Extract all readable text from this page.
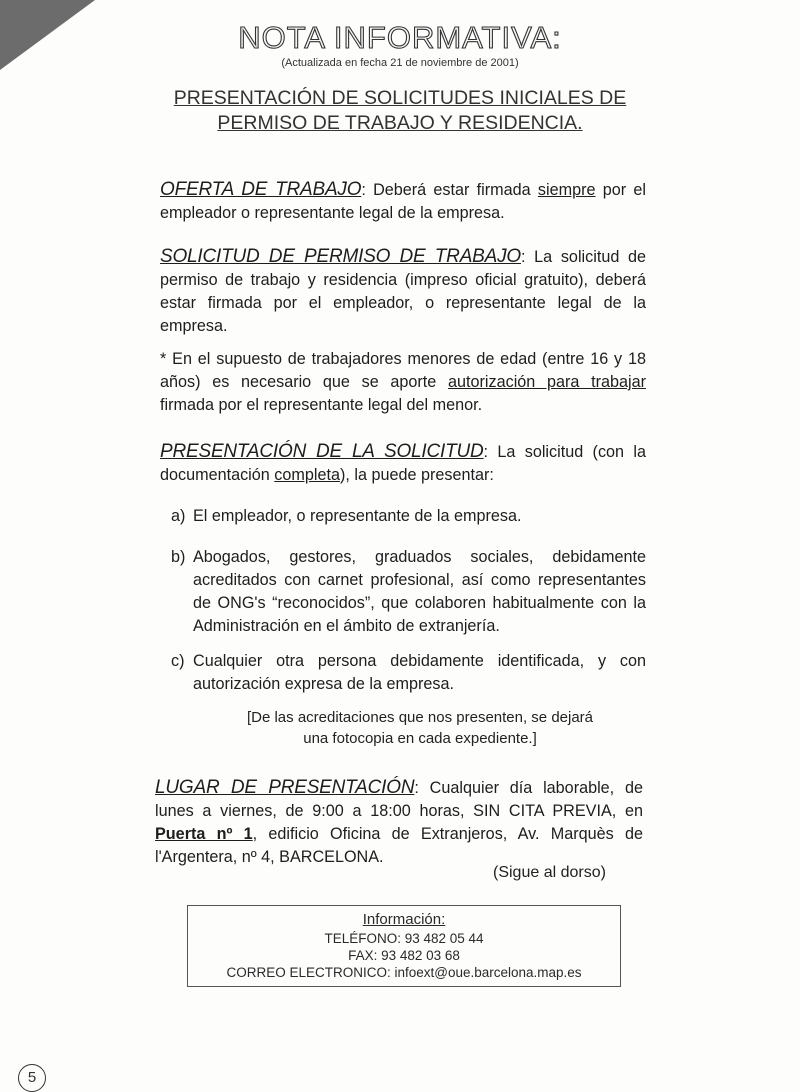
NOTA INFORMATIVA:
(Actualizada en fecha 21 de noviembre de 2001)
PRESENTACIÓN DE SOLICITUDES INICIALES DE
PERMISO DE TRABAJO Y RESIDENCIA.
OFERTA DE TRABAJO: Deberá estar firmada siempre por el empleador o representante legal de la empresa.
SOLICITUD DE PERMISO DE TRABAJO: La solicitud de permiso de trabajo y residencia (impreso oficial gratuito), deberá estar firmada por el empleador, o representante legal de la empresa.
* En el supuesto de trabajadores menores de edad (entre 16 y 18 años) es necesario que se aporte autorización para trabajar firmada por el representante legal del menor.
PRESENTACIÓN DE LA SOLICITUD: La solicitud (con la documentación completa), la puede presentar:
a) El empleador, o representante de la empresa.
b) Abogados, gestores, graduados sociales, debidamente acreditados con carnet profesional, así como representantes de ONG's “reconocidos”, que colaboren habitualmente con la Administración en el ámbito de extranjería.
c) Cualquier otra persona debidamente identificada, y con autorización expresa de la empresa.
[De las acreditaciones que nos presenten, se dejará
una fotocopia en cada expediente.]
LUGAR DE PRESENTACIÓN: Cualquier día laborable, de lunes a viernes, de 9:00 a 18:00 horas, SIN CITA PREVIA, en Puerta nº 1, edificio Oficina de Extranjeros, Av. Marquès de l'Argentera, nº 4, BARCELONA.
(Sigue al dorso)
Información:
TELÉFONO: 93 482 05 44
FAX: 93 482 03 68
CORREO ELECTRONICO: infoext@oue.barcelona.map.es
5
